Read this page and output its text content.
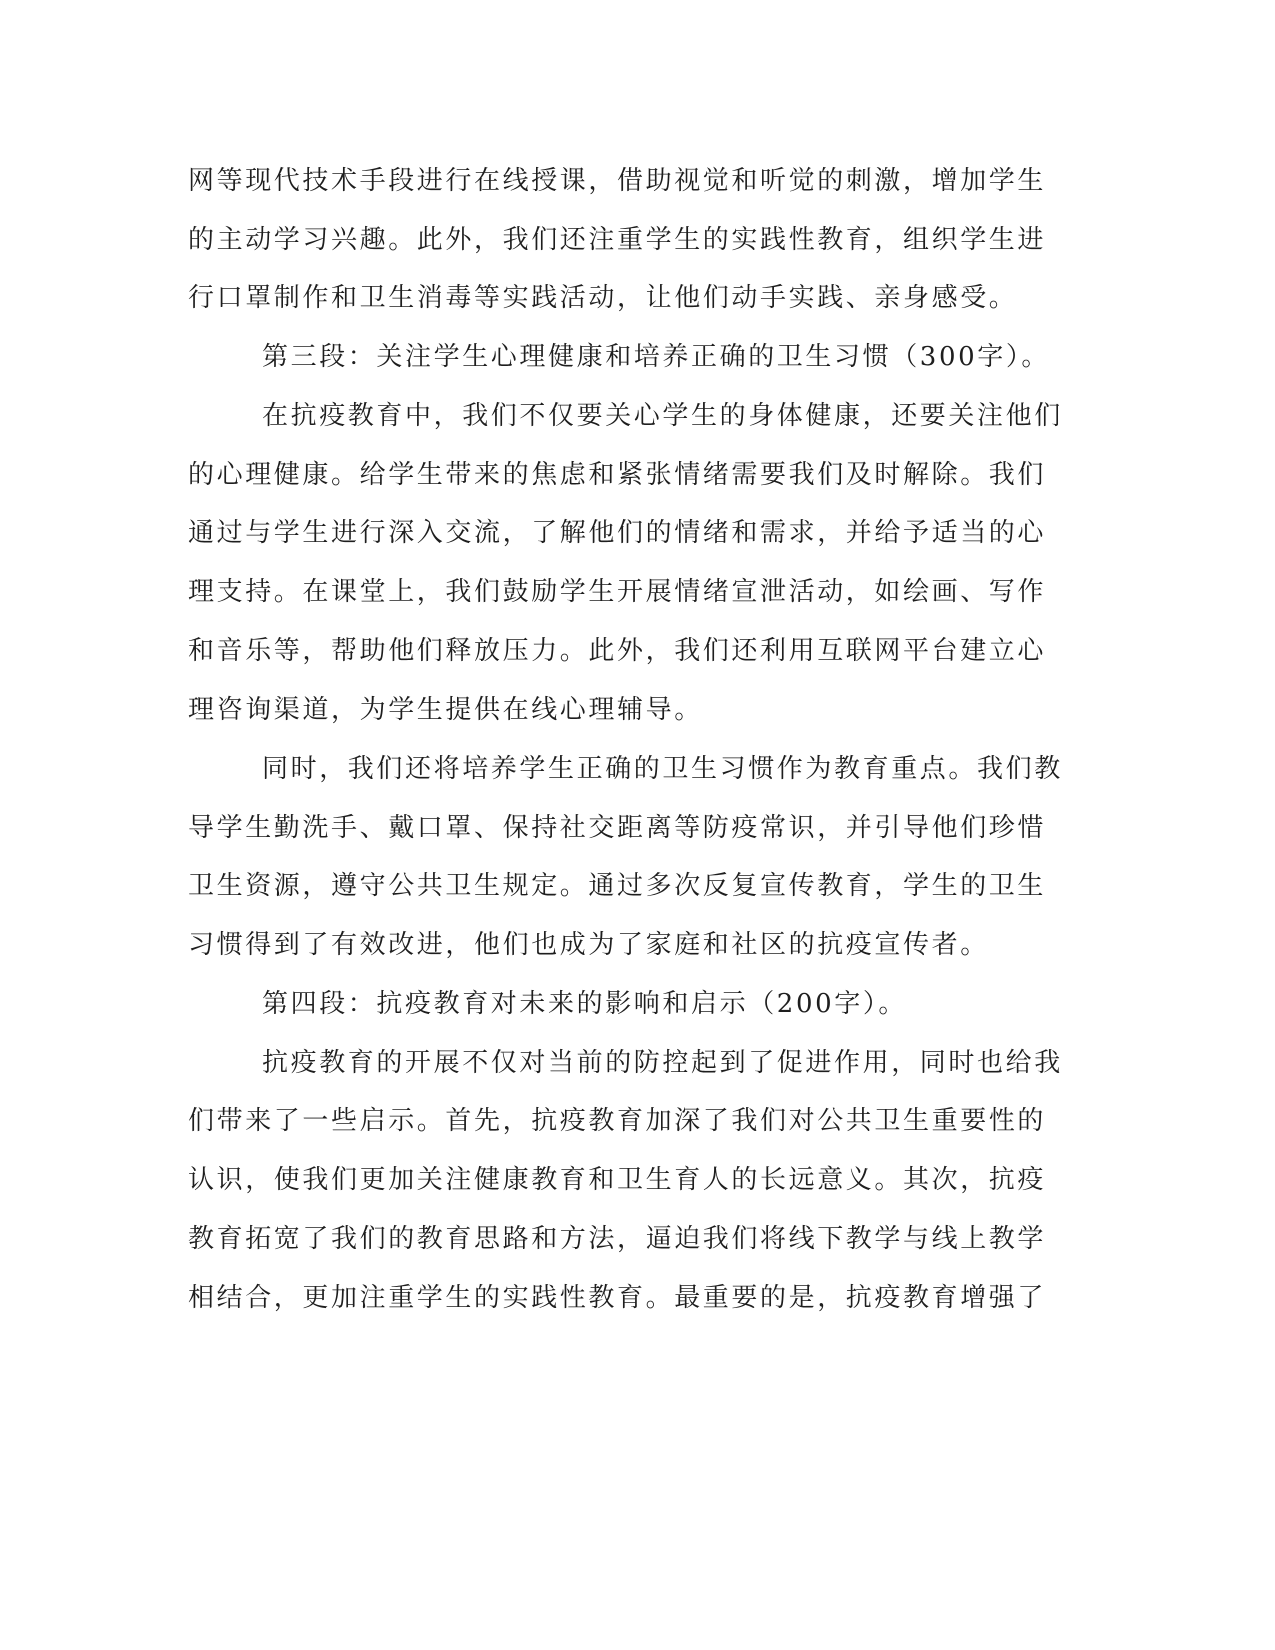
网等现代技术手段进行在线授课，借助视觉和听觉的刺激，增加学生
的主动学习兴趣。此外，我们还注重学生的实践性教育，组织学生进
行口罩制作和卫生消毒等实践活动，让他们动手实践、亲身感受。
第三段：关注学生心理健康和培养正确的卫生习惯（300字）。
在抗疫教育中，我们不仅要关心学生的身体健康，还要关注他们
的心理健康。给学生带来的焦虑和紧张情绪需要我们及时解除。我们
通过与学生进行深入交流，了解他们的情绪和需求，并给予适当的心
理支持。在课堂上，我们鼓励学生开展情绪宣泄活动，如绘画、写作
和音乐等，帮助他们释放压力。此外，我们还利用互联网平台建立心
理咨询渠道，为学生提供在线心理辅导。
同时，我们还将培养学生正确的卫生习惯作为教育重点。我们教
导学生勤洗手、戴口罩、保持社交距离等防疫常识，并引导他们珍惜
卫生资源，遵守公共卫生规定。通过多次反复宣传教育，学生的卫生
习惯得到了有效改进，他们也成为了家庭和社区的抗疫宣传者。
第四段：抗疫教育对未来的影响和启示（200字）。
抗疫教育的开展不仅对当前的防控起到了促进作用，同时也给我
们带来了一些启示。首先，抗疫教育加深了我们对公共卫生重要性的
认识，使我们更加关注健康教育和卫生育人的长远意义。其次，抗疫
教育拓宽了我们的教育思路和方法，逼迫我们将线下教学与线上教学
相结合，更加注重学生的实践性教育。最重要的是，抗疫教育增强了
